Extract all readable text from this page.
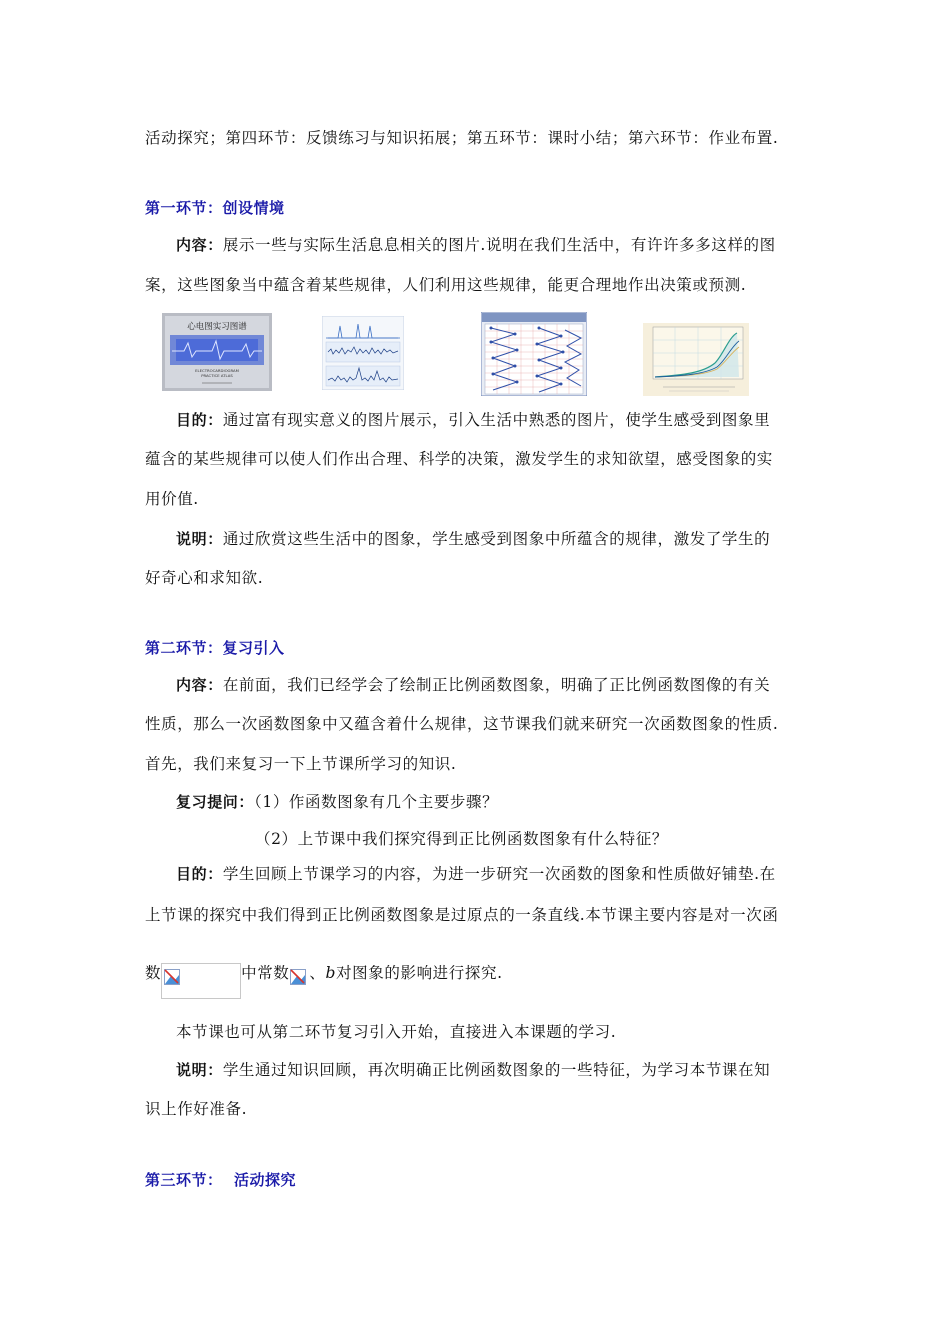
活动探究；第四环节：反馈练习与知识拓展；第五环节：课时小结；第六环节：作业布置.
第一环节：创设情境
内容：展示一些与实际生活息息相关的图片.说明在我们生活中，有许许多多这样的图
案，这些图象当中蕴含着某些规律，人们利用这些规律，能更合理地作出决策或预测.
心电图实习图谱
ELECTROCARDIOGRAM
PRACTICE ATLAS
目的：通过富有现实意义的图片展示，引入生活中熟悉的图片，使学生感受到图象里
蕴含的某些规律可以使人们作出合理、科学的决策，激发学生的求知欲望，感受图象的实
用价值.
说明：通过欣赏这些生活中的图象，学生感受到图象中所蕴含的规律，激发了学生的
好奇心和求知欲.
第二环节：复习引入
内容：在前面，我们已经学会了绘制正比例函数图象，明确了正比例函数图像的有关
性质，那么一次函数图象中又蕴含着什么规律，这节课我们就来研究一次函数图象的性质.
首先，我们来复习一下上节课所学习的知识.
复习提问：（1）作函数图象有几个主要步骤？
（2）上节课中我们探究得到正比例函数图象有什么特征？
目的：学生回顾上节课学习的内容，为进一步研究一次函数的图象和性质做好铺垫.在
上节课的探究中我们得到正比例函数图象是过原点的一条直线.本节课主要内容是对一次函
数	中常数 、b对图象的影响进行探究.
本节课也可从第二环节复习引入开始，直接进入本课题的学习.
说明：学生通过知识回顾，再次明确正比例函数图象的一些特征，为学习本节课在知
识上作好准备.
第三环节：  活动探究
